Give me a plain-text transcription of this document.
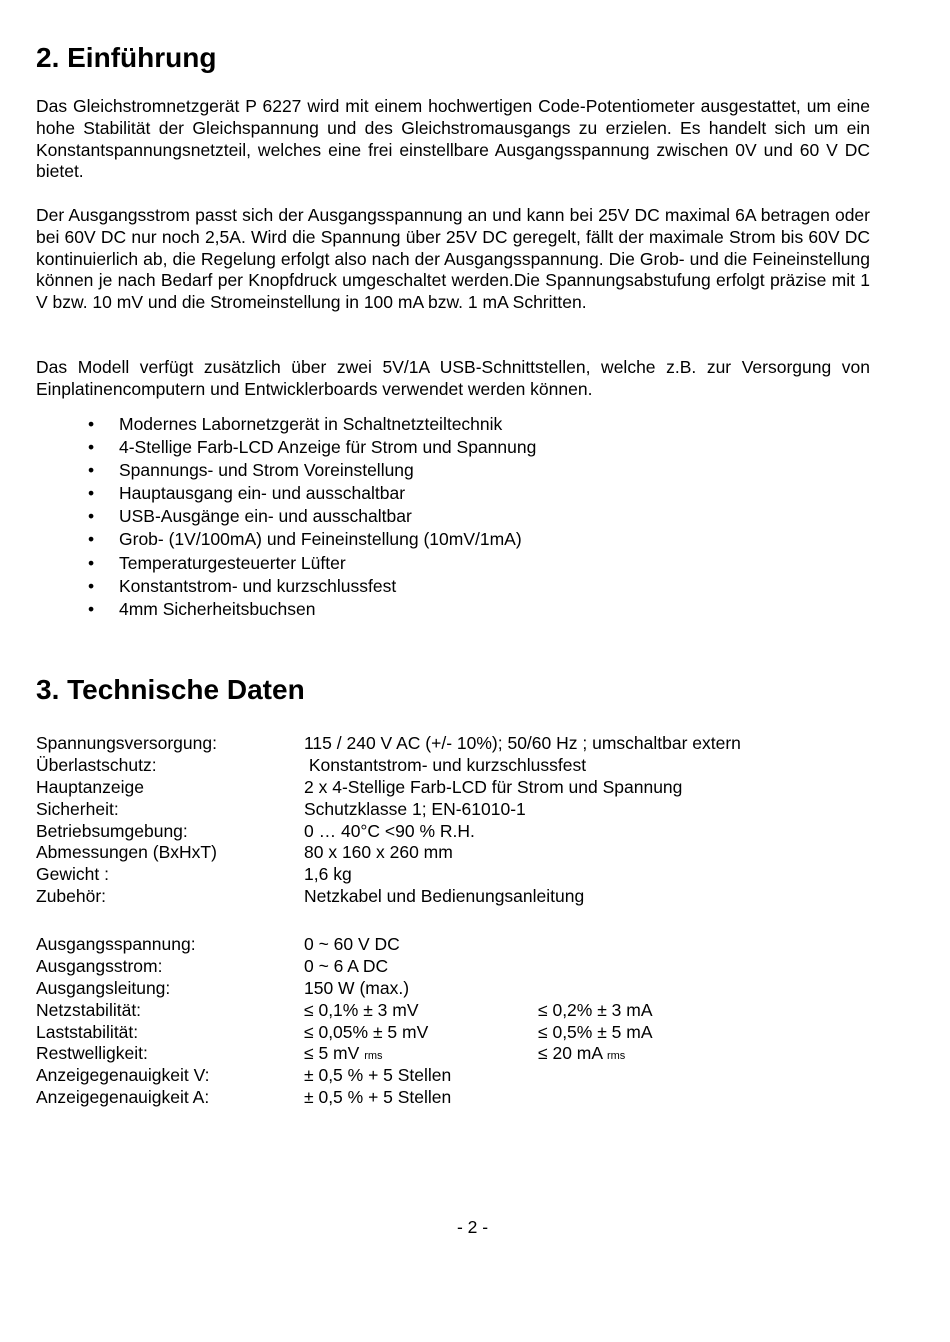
2. Einführung

Das Gleichstromnetzgerät P 6227 wird mit einem hochwertigen Code-Potentiometer ausgestattet, um eine hohe Stabilität der Gleichspannung und des Gleichstromausgangs zu erzielen. Es handelt sich um ein Konstantspannungsnetzteil, welches eine frei einstellbare Ausgangsspannung zwischen 0V und 60 V DC bietet.

Der Ausgangsstrom passt sich der Ausgangsspannung an und kann bei 25V DC maximal 6A betragen oder bei 60V DC nur noch 2,5A. Wird die Spannung über 25V DC geregelt, fällt der maximale Strom bis 60V DC kontinuierlich ab, die Regelung erfolgt also nach der Ausgangsspannung. Die Grob- und die Feineinstellung können je nach Bedarf per Knopfdruck umgeschaltet werden.Die Spannungsabstufung erfolgt präzise mit 1 V bzw. 10 mV und die Stromeinstellung in 100 mA bzw. 1 mA Schritten.

Das Modell verfügt zusätzlich über zwei 5V/1A USB-Schnittstellen, welche z.B. zur Versorgung von Einplatinencomputern und Entwicklerboards verwendet werden können.

• Modernes Labornetzgerät in Schaltnetzteiltechnik
• 4-Stellige Farb-LCD Anzeige für Strom und Spannung
• Spannungs- und Strom Voreinstellung
• Hauptausgang ein- und ausschaltbar
• USB-Ausgänge ein- und ausschaltbar
• Grob- (1V/100mA) und Feineinstellung (10mV/1mA)
• Temperaturgesteuerter Lüfter
• Konstantstrom- und kurzschlussfest
• 4mm Sicherheitsbuchsen
3. Technische Daten
Spannungsversorgung:	115 / 240 V AC (+/- 10%); 50/60 Hz ; umschaltbar extern
Überlastschutz:	Konstantstrom- und kurzschlussfest
Hauptanzeige	2 x 4-Stellige Farb-LCD für Strom und Spannung
Sicherheit:	Schutzklasse 1; EN-61010-1
Betriebsumgebung:	0 … 40°C <90 % R.H.
Abmessungen (BxHxT)	80 x 160 x 260 mm
Gewicht :	1,6 kg
Zubehör:	Netzkabel und Bedienungsanleitung
Ausgangsspannung:	0 ~ 60 V DC
Ausgangsstrom:	0 ~ 6 A DC
Ausgangsleitung:	150 W (max.)
Netzstabilität:	≤ 0,1% ± 3 mV	≤ 0,2% ± 3 mA
Laststabilität:	≤ 0,05% ± 5 mV	≤ 0,5% ± 5 mA
Restwelligkeit:	≤ 5 mV rms	≤ 20 mA rms
Anzeigegenauigkeit V:	± 0,5 % + 5 Stellen
Anzeigegenauigkeit A:	± 0,5 % + 5 Stellen
- 2 -
